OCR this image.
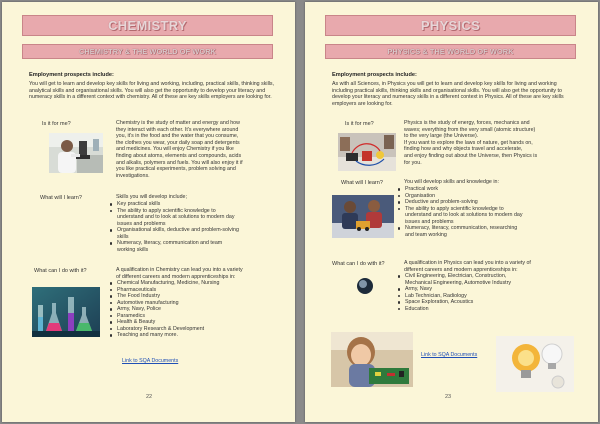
CHEMISTRY
CHEMISTRY & THE WORLD OF WORK
Employment prospects include:
You will get to learn and develop key skills for living and working, including, practical skills, thinking skills, analytical skills and organisational skills. You will also get the opportunity to develop your literacy and numeracy skills in a different context with chemistry. All of these are key skills employers are looking for.
Is it for me?	Chemistry is the study of matter and energy and how
they interact with each other. It's everywhere around
you, it's in the food and the water that you consume,
the clothes you wear, your daily soap and detergents
and medicines. You will enjoy Chemistry if you like
finding about atoms, elements and compounds, acids
and alkalis, polymers and fuels. You will also enjoy it if
you like practical experiments, problem solving and
investigations.
What will I learn?	Skills you will develop include;
Key practical skills
The ability to apply scientific knowledge to
understand and to look at solutions to modern day
issues and problems
Organisational skills, deductive and problem-solving
skills
Numeracy, literacy, communication and team
working skills
What can I do with it?	A qualification in Chemistry can lead you into a variety
of different careers and modern apprenticeships in:
Chemical Manufacturing, Medicine, Nursing
Pharmaceuticals
The Food Industry
Automotive manufacturing
Army, Navy, Police
Paramedics
Health & Beauty
Laboratory Research & Development
Teaching and many more.
Link to SQA Documents
22
PHYSICS
PHYSICS & THE WORLD OF WORK
Employment prospects include:
As with all Sciences, in Physics you will get to learn and develop key skills for living and working including practical skills, thinking skills and organisational skills. You will also get the opportunity to develop your literacy and numeracy skills in a different context in Physics. All of these are key skills employers are looking for.
Is it for me?	Physics is the study of energy, forces, mechanics and
waves; everything from the very small (atomic structure)
to the very large (the Universe).
If you want to explore the laws of nature, get hands on,
finding how and why objects travel and accelerate,
and enjoy finding out about the Universe, then Physics is
for you.
What will I learn?	You will develop skills and knowledge in:
Practical work
Organisation
Deductive and problem-solving
The ability to apply scientific knowledge to
understand and to look at solutions to modern day
issues and problems
Numeracy, literacy, communication, researching
and team working
What can I do with it?	A qualification in Physics can lead you into a variety of
different careers and modern apprenticeships in:
Civil Engineering, Electrician, Construction,
Mechanical Engineering, Automotive Industry
Army, Navy
Lab Technician, Radiology
Space Exploration, Acoustics
Education
Link to SQA Documents
23
